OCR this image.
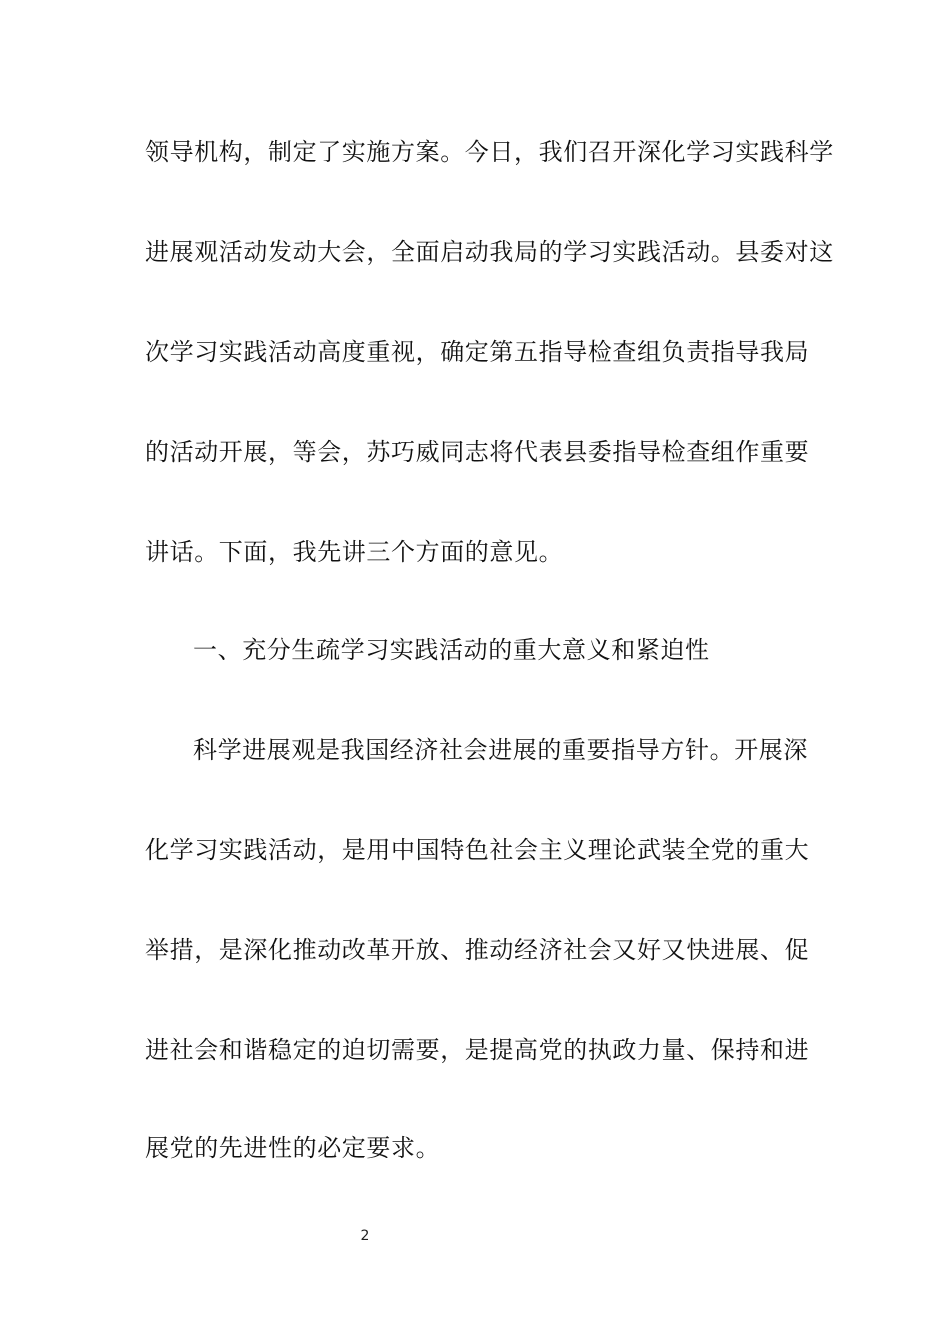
领导机构，制定了实施方案。今日，我们召开深化学习实践科学
进展观活动发动大会，全面启动我局的学习实践活动。县委对这
次学习实践活动高度重视，确定第五指导检查组负责指导我局
的活动开展，等会，苏巧威同志将代表县委指导检查组作重要
讲话。下面，我先讲三个方面的意见。
一、充分生疏学习实践活动的重大意义和紧迫性
科学进展观是我国经济社会进展的重要指导方针。开展深
化学习实践活动，是用中国特色社会主义理论武装全党的重大
举措，是深化推动改革开放、推动经济社会又好又快进展、促
进社会和谐稳定的迫切需要，是提高党的执政力量、保持和进
展党的先进性的必定要求。
2
